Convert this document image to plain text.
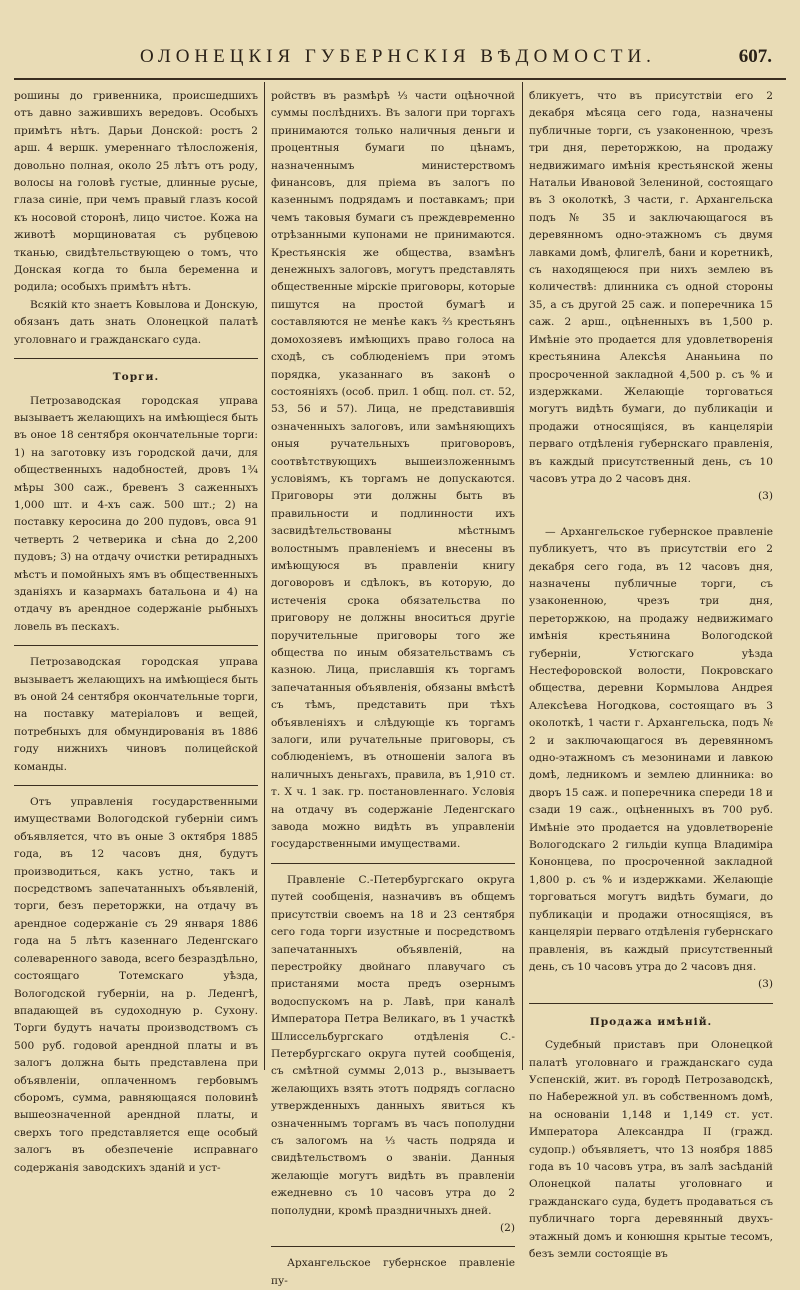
ОЛОНЕЦКІЯ ГУБЕРНСКІЯ ВѢДОМОСТИ.	607.

рошины до гривенника, происшедшихъ отъ давно зажившихъ вередовъ. Особыхъ примѣтъ нѣтъ. Дарьи Донской: ростъ 2 арш. 4 вершк. умереннаго тѣлосложенія, довольно полная, около 25 лѣтъ отъ роду, волосы на головѣ густые, длинные русые, глаза синіе, при чемъ правый глазъ косой къ носовой сторонѣ, лицо чистое. Кожа на животѣ морщиноватая съ рубцевою тканью, свидѣтельствующею о томъ, что Донская когда то была беременна и родила; особыхъ примѣтъ нѣтъ.

Всякій кто знаетъ Ковылова и Донскую, обязанъ дать знать Олонецкой палатѣ уголовнаго и гражданскаго суда.

Торги.

Петрозаводская городская управа вызываетъ желающихъ на имѣющіеся быть въ оное 18 сентября окончательные торги: 1) на заготовку изъ городской дачи, для общественныхъ надобностей, дровъ 1¾ мѣры 300 саж., бревенъ 3 саженныхъ 1,000 шт. и 4-хъ саж. 500 шт.; 2) на поставку керосина до 200 пудовъ, овса 91 четверть 2 четверика и сѣна до 2,200 пудовъ; 3) на отдачу очистки ретирадныхъ мѣстъ и помойныхъ ямъ въ общественныхъ зданіяхъ и казармахъ батальона и 4) на отдачу въ арендное содержаніе рыбныхъ ловель въ пескахъ.

Петрозаводская городская управа вызываетъ желающихъ на имѣющіеся быть въ оной 24 сентября окончательные торги, на поставку матеріаловъ и вещей, потребныхъ для обмундированія въ 1886 году нижнихъ чиновъ полицейской команды.

Отъ управленія государственными имуществами Вологодской губерніи симъ объявляется, что въ оные 3 октября 1885 года, въ 12 часовъ дня, будутъ производиться, какъ устно, такъ и посредствомъ запечатанныхъ объявленій, торги, безъ переторжки, на отдачу въ арендное содержаніе съ 29 января 1886 года на 5 лѣтъ казеннаго Леденгскаго солеваренного завода, всего безраздѣльно, состоящаго Тотемскаго уѣзда, Вологодской губерніи, на р. Леденгѣ, впадающей въ судоходную р. Сухону. Торги будутъ начаты производствомъ съ 500 руб. годовой арендной платы и въ залогъ должна быть представлена при объявленіи, оплаченномъ гербовымъ сборомъ, сумма, равняющаяся половинѣ вышеозначенной арендной платы, и сверхъ того представляется еще особый залогъ въ обезпеченіе исправнаго содержанія заводскихъ зданій и уст-

ройствъ въ размѣрѣ ⅓ части оцѣночной суммы послѣднихъ. Въ залоги при торгахъ принимаются только наличныя деньги и процентныя бумаги по цѣнамъ, назначеннымъ министерствомъ финансовъ, для пріема въ залогъ по казеннымъ подрядамъ и поставкамъ; при чемъ таковыя бумаги съ преждевременно отрѣзанными купонами не принимаются. Крестьянскія же общества, взамѣнъ денежныхъ залоговъ, могутъ представлять общественные мірскіе приговоры, которые пишутся на простой бумагѣ и составляются не менѣе какъ ⅔ крестьянъ домохозяевъ имѣющихъ право голоса на сходѣ, съ соблюденіемъ при этомъ порядка, указаннаго въ законѣ о состояніяхъ (особ. прил. 1 общ. пол. ст. 52, 53, 56 и 57). Лица, не представившія означенныхъ залоговъ, или замѣняющихъ оныя ручательныхъ приговоровъ, соотвѣтствующихъ вышеизложеннымъ условіямъ, къ торгамъ не допускаются. Приговоры эти должны быть въ правильности и подлинности ихъ засвидѣтельствованы мѣстнымъ волостнымъ правленіемъ и внесены въ имѣющуюся въ правленіи книгу договоровъ и сдѣлокъ, въ которую, до истеченія срока обязательства по приговору не должны вноситься другіе поручительные приговоры того же общества по иным обязательствамъ съ казною. Лица, приславшія къ торгамъ запечатанныя объявленія, обязаны вмѣстѣ съ тѣмъ, представить при тѣхъ объявленіяхъ и слѣдующіе къ торгамъ залоги, или ручательные приговоры, съ соблюденіемъ, въ отношеніи залога въ наличныхъ деньгахъ, правила, въ 1,910 ст. т. X ч. 1 зак. гр. постановленнаго. Условія на отдачу въ содержаніе Леденгскаго завода можно видѣть въ управленіи государственными имуществами.

Правленіе С.-Петербургскаго округа путей сообщенія, назначивъ въ общемъ присутствіи своемъ на 18 и 23 сентября сего года торги изустные и посредствомъ запечатанныхъ объявленій, на перестройку двойнаго плавучаго съ пристанями моста предъ озернымъ водоспускомъ на р. Лавѣ, при каналѣ Императора Петра Великаго, въ 1 участкѣ Шлиссельбургскаго отдѣленія С.-Петербургскаго округа путей сообщенія, съ смѣтной суммы 2,013 р., вызываетъ желающихъ взять этотъ подрядъ согласно утвержденныхъ данныхъ явиться къ означеннымъ торгамъ въ часъ пополудни съ залогомъ на ⅓ часть подряда и свидѣтельствомъ о званіи. Данныя желающіе могутъ видѣть въ правленіи ежедневно съ 10 часовъ утра до 2 пополудни, кромѣ праздничныхъ дней.

(2)

Архангельское губернское правленіе пу-

бликуетъ, что въ присутствіи его 2 декабря мѣсяца сего года, назначены публичные торги, съ узаконенною, чрезъ три дня, переторжкою, на продажу недвижимаго имѣнія крестьянской жены Натальи Ивановой Зелениной, состоящаго въ 3 околоткѣ, 3 части, г. Архангельска подъ № 35 и заключающагося въ деревянномъ одно-этажномъ съ двумя лавками домѣ, флигелѣ, бани и коретникѣ, съ находящеюся при нихъ землею въ количествѣ: длинника съ одной стороны 35, а съ другой 25 саж. и поперечника 15 саж. 2 арш., оцѣненныхъ въ 1,500 р. Имѣніе это продается для удовлетворенія крестьянина Алексѣя Ананьина по просроченной закладной 4,500 р. съ % и издержками. Желающіе торговаться могутъ видѣть бумаги, до публикаціи и продажи относящіяся, въ канцеляріи перваго отдѣленія губернскаго правленія, въ каждый присутственный день, съ 10 часовъ утра до 2 часовъ дня.

(3)

— Архангельское губернское правленіе публикуетъ, что въ присутствіи его 2 декабря сего года, въ 12 часовъ дня, назначены публичные торги, съ узаконенною, чрезъ три дня, переторжкою, на продажу недвижимаго имѣнія крестьянина Вологодской губерніи, Устюгскаго уѣзда Нестефоровской волости, Покровскаго общества, деревни Кормылова Андрея Алексѣева Ногодкова, состоящаго въ 3 околоткѣ, 1 части г. Архангельска, подъ № 2 и заключающагося въ деревянномъ одно-этажномъ съ мезонинами и лавкою домѣ, ледникомъ и землею длинника: во дворъ 15 саж. и поперечника спереди 18 и сзади 19 саж., оцѣненныхъ въ 700 руб. Имѣніе это продается на удовлетвореніе Вологодскаго 2 гильдіи купца Владиміра Кононцева, по просроченной закладной 1,800 р. съ % и издержками. Желающіе торговаться могутъ видѣть бумаги, до публикаціи и продажи относящіяся, въ канцеляріи перваго отдѣленія губернскаго правленія, въ каждый присутственный день, съ 10 часовъ утра до 2 часовъ дня.

(3)

Продажа имѣній.

Судебный приставъ при Олонецкой палатѣ уголовнаго и гражданскаго суда Успенскій, жит. въ городѣ Петрозаводскѣ, по Набережной ул. въ собственномъ домѣ, на основаніи 1,148 и 1,149 ст. уст. Императора Александра II (гражд. судопр.) объявляетъ, что 13 ноября 1885 года въ 10 часовъ утра, въ залѣ засѣданій Олонецкой палаты уголовнаго и гражданскаго суда, будетъ продаваться съ публичнаго торга деревянный двухъ-этажный домъ и конюшня крытые тесомъ, безъ земли состоящіе въ
